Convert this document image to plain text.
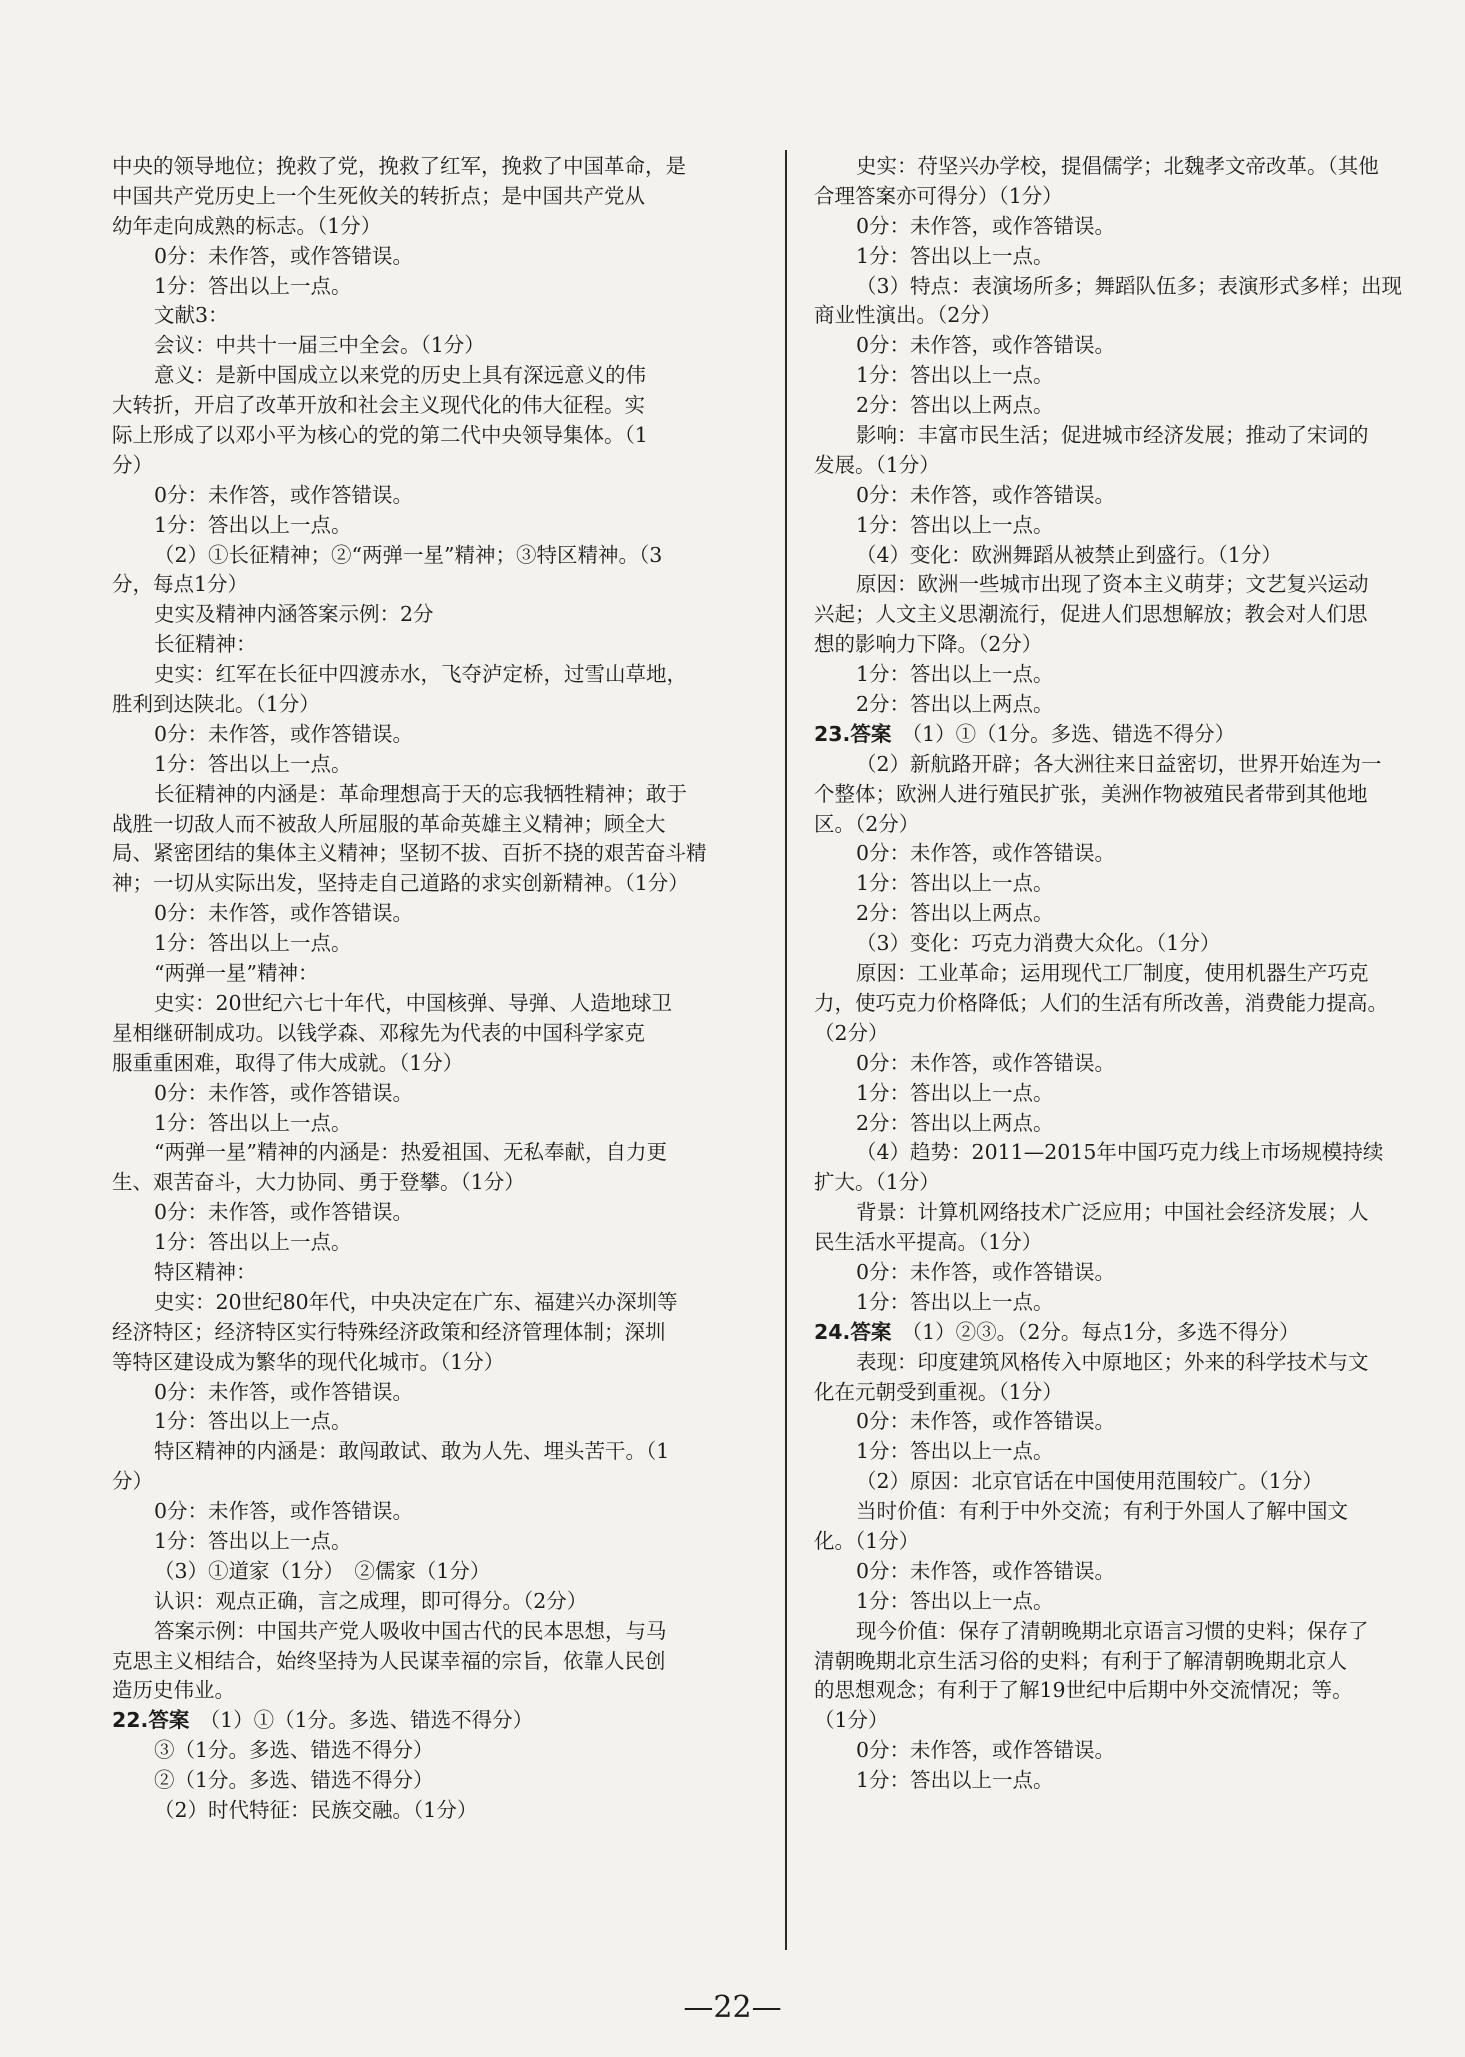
中央的领导地位；挽救了党，挽救了红军，挽救了中国革命，是
中国共产党历史上一个生死攸关的转折点；是中国共产党从
幼年走向成熟的标志。（1分）
0分：未作答，或作答错误。
1分：答出以上一点。
文献3：
会议：中共十一届三中全会。（1分）
意义：是新中国成立以来党的历史上具有深远意义的伟
大转折，开启了改革开放和社会主义现代化的伟大征程。实
际上形成了以邓小平为核心的党的第二代中央领导集体。（1
分）
0分：未作答，或作答错误。
1分：答出以上一点。
（2）①长征精神；②“两弹一星”精神；③特区精神。（3
分，每点1分）
史实及精神内涵答案示例：2分
长征精神：
史实：红军在长征中四渡赤水，飞夺泸定桥，过雪山草地，
胜利到达陕北。（1分）
0分：未作答，或作答错误。
1分：答出以上一点。
长征精神的内涵是：革命理想高于天的忘我牺牲精神；敢于
战胜一切敌人而不被敌人所屈服的革命英雄主义精神；顾全大
局、紧密团结的集体主义精神；坚韧不拔、百折不挠的艰苦奋斗精
神；一切从实际出发，坚持走自己道路的求实创新精神。（1分）
0分：未作答，或作答错误。
1分：答出以上一点。
“两弹一星”精神：
史实：20世纪六七十年代，中国核弹、导弹、人造地球卫
星相继研制成功。以钱学森、邓稼先为代表的中国科学家克
服重重困难，取得了伟大成就。（1分）
0分：未作答，或作答错误。
1分：答出以上一点。
“两弹一星”精神的内涵是：热爱祖国、无私奉献，自力更
生、艰苦奋斗，大力协同、勇于登攀。（1分）
0分：未作答，或作答错误。
1分：答出以上一点。
特区精神：
史实：20世纪80年代，中央决定在广东、福建兴办深圳等
经济特区；经济特区实行特殊经济政策和经济管理体制；深圳
等特区建设成为繁华的现代化城市。（1分）
0分：未作答，或作答错误。
1分：答出以上一点。
特区精神的内涵是：敢闯敢试、敢为人先、埋头苦干。（1
分）
0分：未作答，或作答错误。
1分：答出以上一点。
（3）①道家（1分）　②儒家（1分）
认识：观点正确，言之成理，即可得分。（2分）
答案示例：中国共产党人吸收中国古代的民本思想，与马
克思主义相结合，始终坚持为人民谋幸福的宗旨，依靠人民创
造历史伟业。
22.答案　（1）①（1分。多选、错选不得分）
③（1分。多选、错选不得分）
②（1分。多选、错选不得分）
（2）时代特征：民族交融。（1分）
史实：苻坚兴办学校，提倡儒学；北魏孝文帝改革。（其他
合理答案亦可得分）（1分）
0分：未作答，或作答错误。
1分：答出以上一点。
（3）特点：表演场所多；舞蹈队伍多；表演形式多样；出现
商业性演出。（2分）
0分：未作答，或作答错误。
1分：答出以上一点。
2分：答出以上两点。
影响：丰富市民生活；促进城市经济发展；推动了宋词的
发展。（1分）
0分：未作答，或作答错误。
1分：答出以上一点。
（4）变化：欧洲舞蹈从被禁止到盛行。（1分）
原因：欧洲一些城市出现了资本主义萌芽；文艺复兴运动
兴起；人文主义思潮流行，促进人们思想解放；教会对人们思
想的影响力下降。（2分）
1分：答出以上一点。
2分：答出以上两点。
23.答案　（1）①（1分。多选、错选不得分）
（2）新航路开辟；各大洲往来日益密切，世界开始连为一
个整体；欧洲人进行殖民扩张，美洲作物被殖民者带到其他地
区。（2分）
0分：未作答，或作答错误。
1分：答出以上一点。
2分：答出以上两点。
（3）变化：巧克力消费大众化。（1分）
原因：工业革命；运用现代工厂制度，使用机器生产巧克
力，使巧克力价格降低；人们的生活有所改善，消费能力提高。
（2分）
0分：未作答，或作答错误。
1分：答出以上一点。
2分：答出以上两点。
（4）趋势：2011—2015年中国巧克力线上市场规模持续
扩大。（1分）
背景：计算机网络技术广泛应用；中国社会经济发展；人
民生活水平提高。（1分）
0分：未作答，或作答错误。
1分：答出以上一点。
24.答案　（1）②③。（2分。每点1分，多选不得分）
表现：印度建筑风格传入中原地区；外来的科学技术与文
化在元朝受到重视。（1分）
0分：未作答，或作答错误。
1分：答出以上一点。
（2）原因：北京官话在中国使用范围较广。（1分）
当时价值：有利于中外交流；有利于外国人了解中国文
化。（1分）
0分：未作答，或作答错误。
1分：答出以上一点。
现今价值：保存了清朝晚期北京语言习惯的史料；保存了
清朝晚期北京生活习俗的史料；有利于了解清朝晚期北京人
的思想观念；有利于了解19世纪中后期中外交流情况；等。
（1分）
0分：未作答，或作答错误。
1分：答出以上一点。
—22—
